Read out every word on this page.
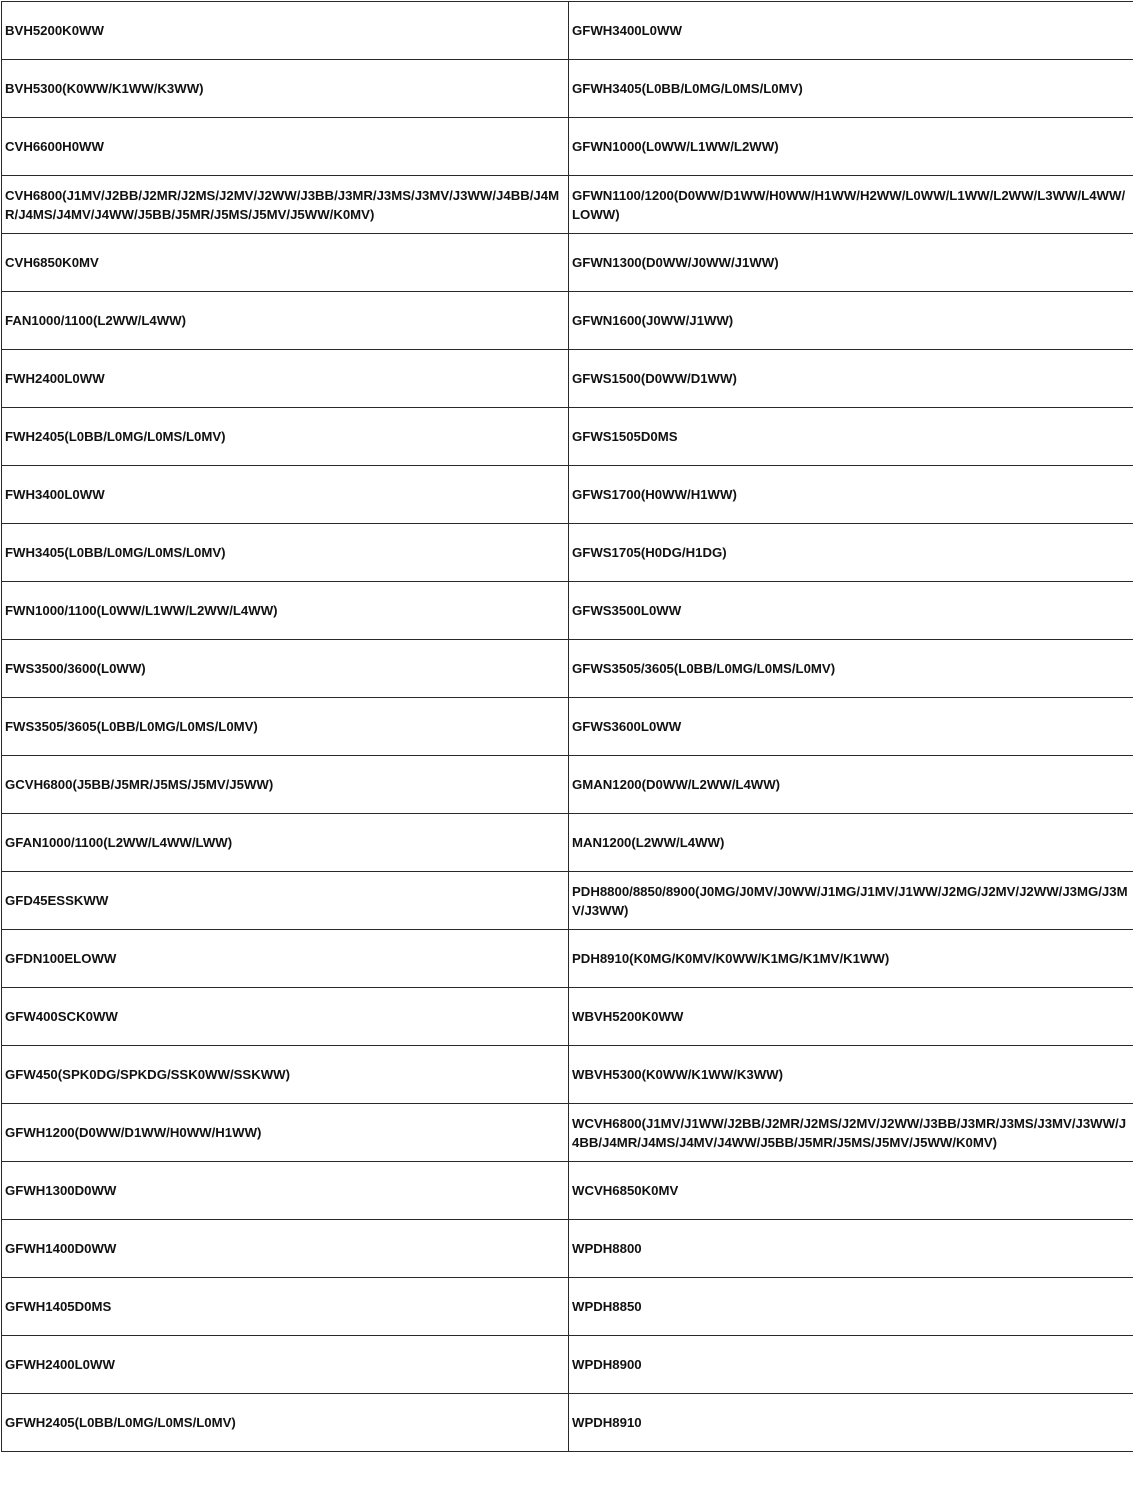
BVH5200K0WW	GFWH3400L0WW
BVH5300(K0WW/K1WW/K3WW)	GFWH3405(L0BB/L0MG/L0MS/L0MV)
CVH6600H0WW	GFWN1000(L0WW/L1WW/L2WW)
CVH6800(J1MV/J2BB/J2MR/J2MS/J2MV/J2WW/J3BB/J3MR/J3MS/J3MV/J3WW/J4BB/J4MR/J4MS/J4MV/J4WW/J5BB/J5MR/J5MS/J5MV/J5WW/K0MV)	GFWN1100/1200(D0WW/D1WW/H0WW/H1WW/H2WW/L0WW/L1WW/L2WW/L3WW/L4WW/LOWW)
CVH6850K0MV	GFWN1300(D0WW/J0WW/J1WW)
FAN1000/1100(L2WW/L4WW)	GFWN1600(J0WW/J1WW)
FWH2400L0WW	GFWS1500(D0WW/D1WW)
FWH2405(L0BB/L0MG/L0MS/L0MV)	GFWS1505D0MS
FWH3400L0WW	GFWS1700(H0WW/H1WW)
FWH3405(L0BB/L0MG/L0MS/L0MV)	GFWS1705(H0DG/H1DG)
FWN1000/1100(L0WW/L1WW/L2WW/L4WW)	GFWS3500L0WW
FWS3500/3600(L0WW)	GFWS3505/3605(L0BB/L0MG/L0MS/L0MV)
FWS3505/3605(L0BB/L0MG/L0MS/L0MV)	GFWS3600L0WW
GCVH6800(J5BB/J5MR/J5MS/J5MV/J5WW)	GMAN1200(D0WW/L2WW/L4WW)
GFAN1000/1100(L2WW/L4WW/LWW)	MAN1200(L2WW/L4WW)
GFD45ESSKWW	PDH8800/8850/8900(J0MG/J0MV/J0WW/J1MG/J1MV/J1WW/J2MG/J2MV/J2WW/J3MG/J3MV/J3WW)
GFDN100ELOWW	PDH8910(K0MG/K0MV/K0WW/K1MG/K1MV/K1WW)
GFW400SCK0WW	WBVH5200K0WW
GFW450(SPK0DG/SPKDG/SSK0WW/SSKWW)	WBVH5300(K0WW/K1WW/K3WW)
GFWH1200(D0WW/D1WW/H0WW/H1WW)	WCVH6800(J1MV/J1WW/J2BB/J2MR/J2MS/J2MV/J2WW/J3BB/J3MR/J3MS/J3MV/J3WW/J4BB/J4MR/J4MS/J4MV/J4WW/J5BB/J5MR/J5MS/J5MV/J5WW/K0MV)
GFWH1300D0WW	WCVH6850K0MV
GFWH1400D0WW	WPDH8800
GFWH1405D0MS	WPDH8850
GFWH2400L0WW	WPDH8900
GFWH2405(L0BB/L0MG/L0MS/L0MV)	WPDH8910
